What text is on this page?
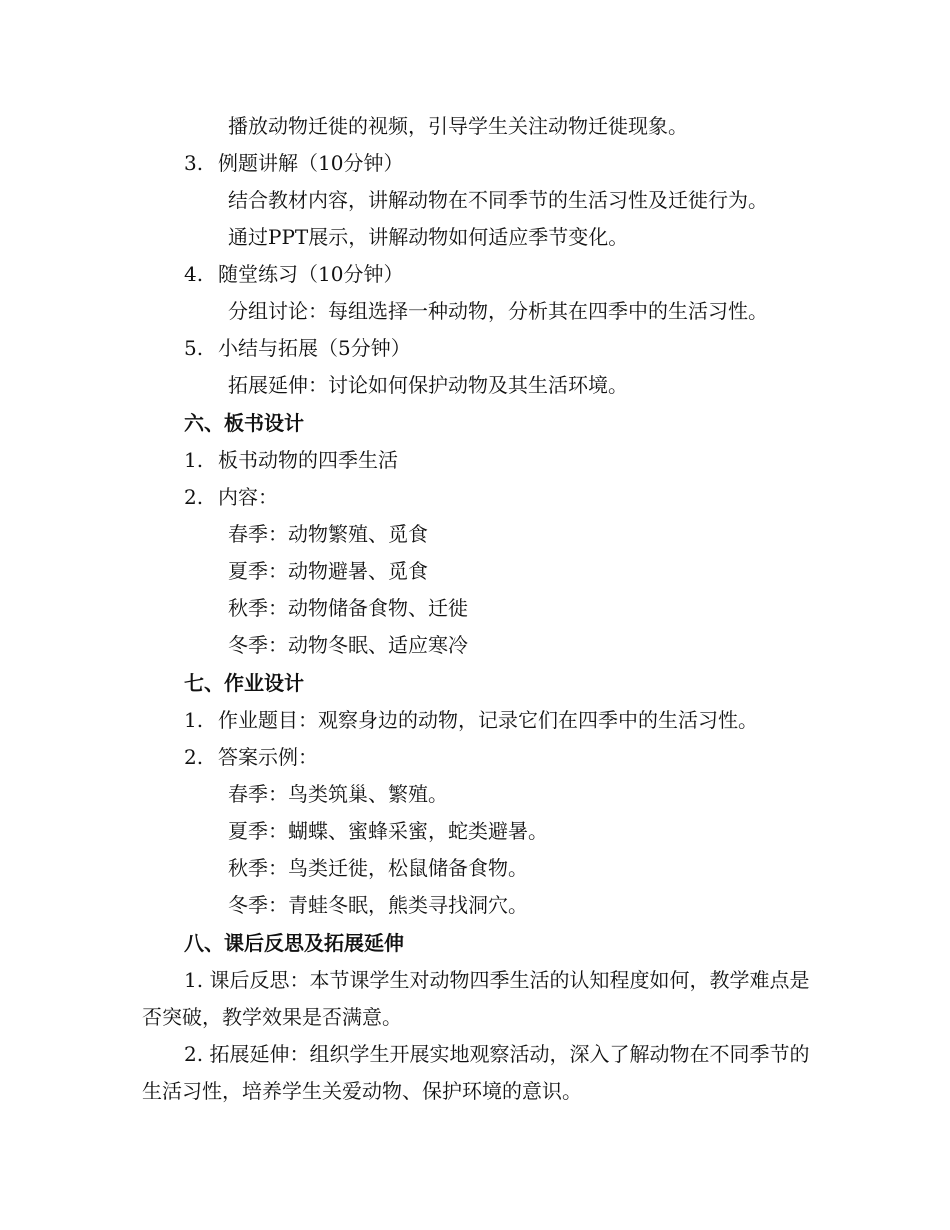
播放动物迁徙的视频，引导学生关注动物迁徙现象。
3. 例题讲解（10分钟）
结合教材内容，讲解动物在不同季节的生活习性及迁徙行为。
通过PPT展示，讲解动物如何适应季节变化。
4. 随堂练习（10分钟）
分组讨论：每组选择一种动物，分析其在四季中的生活习性。
5. 小结与拓展（5分钟）
拓展延伸：讨论如何保护动物及其生活环境。
六、板书设计
1. 板书动物的四季生活
2. 内容：
春季：动物繁殖、觅食
夏季：动物避暑、觅食
秋季：动物储备食物、迁徙
冬季：动物冬眠、适应寒冷
七、作业设计
1. 作业题目：观察身边的动物，记录它们在四季中的生活习性。
2. 答案示例：
春季：鸟类筑巢、繁殖。
夏季：蝴蝶、蜜蜂采蜜，蛇类避暑。
秋季：鸟类迁徙，松鼠储备食物。
冬季：青蛙冬眠，熊类寻找洞穴。
八、课后反思及拓展延伸
1. 课后反思：本节课学生对动物四季生活的认知程度如何，教学难点是否突破，教学效果是否满意。
2. 拓展延伸：组织学生开展实地观察活动，深入了解动物在不同季节的生活习性，培养学生关爱动物、保护环境的意识。
